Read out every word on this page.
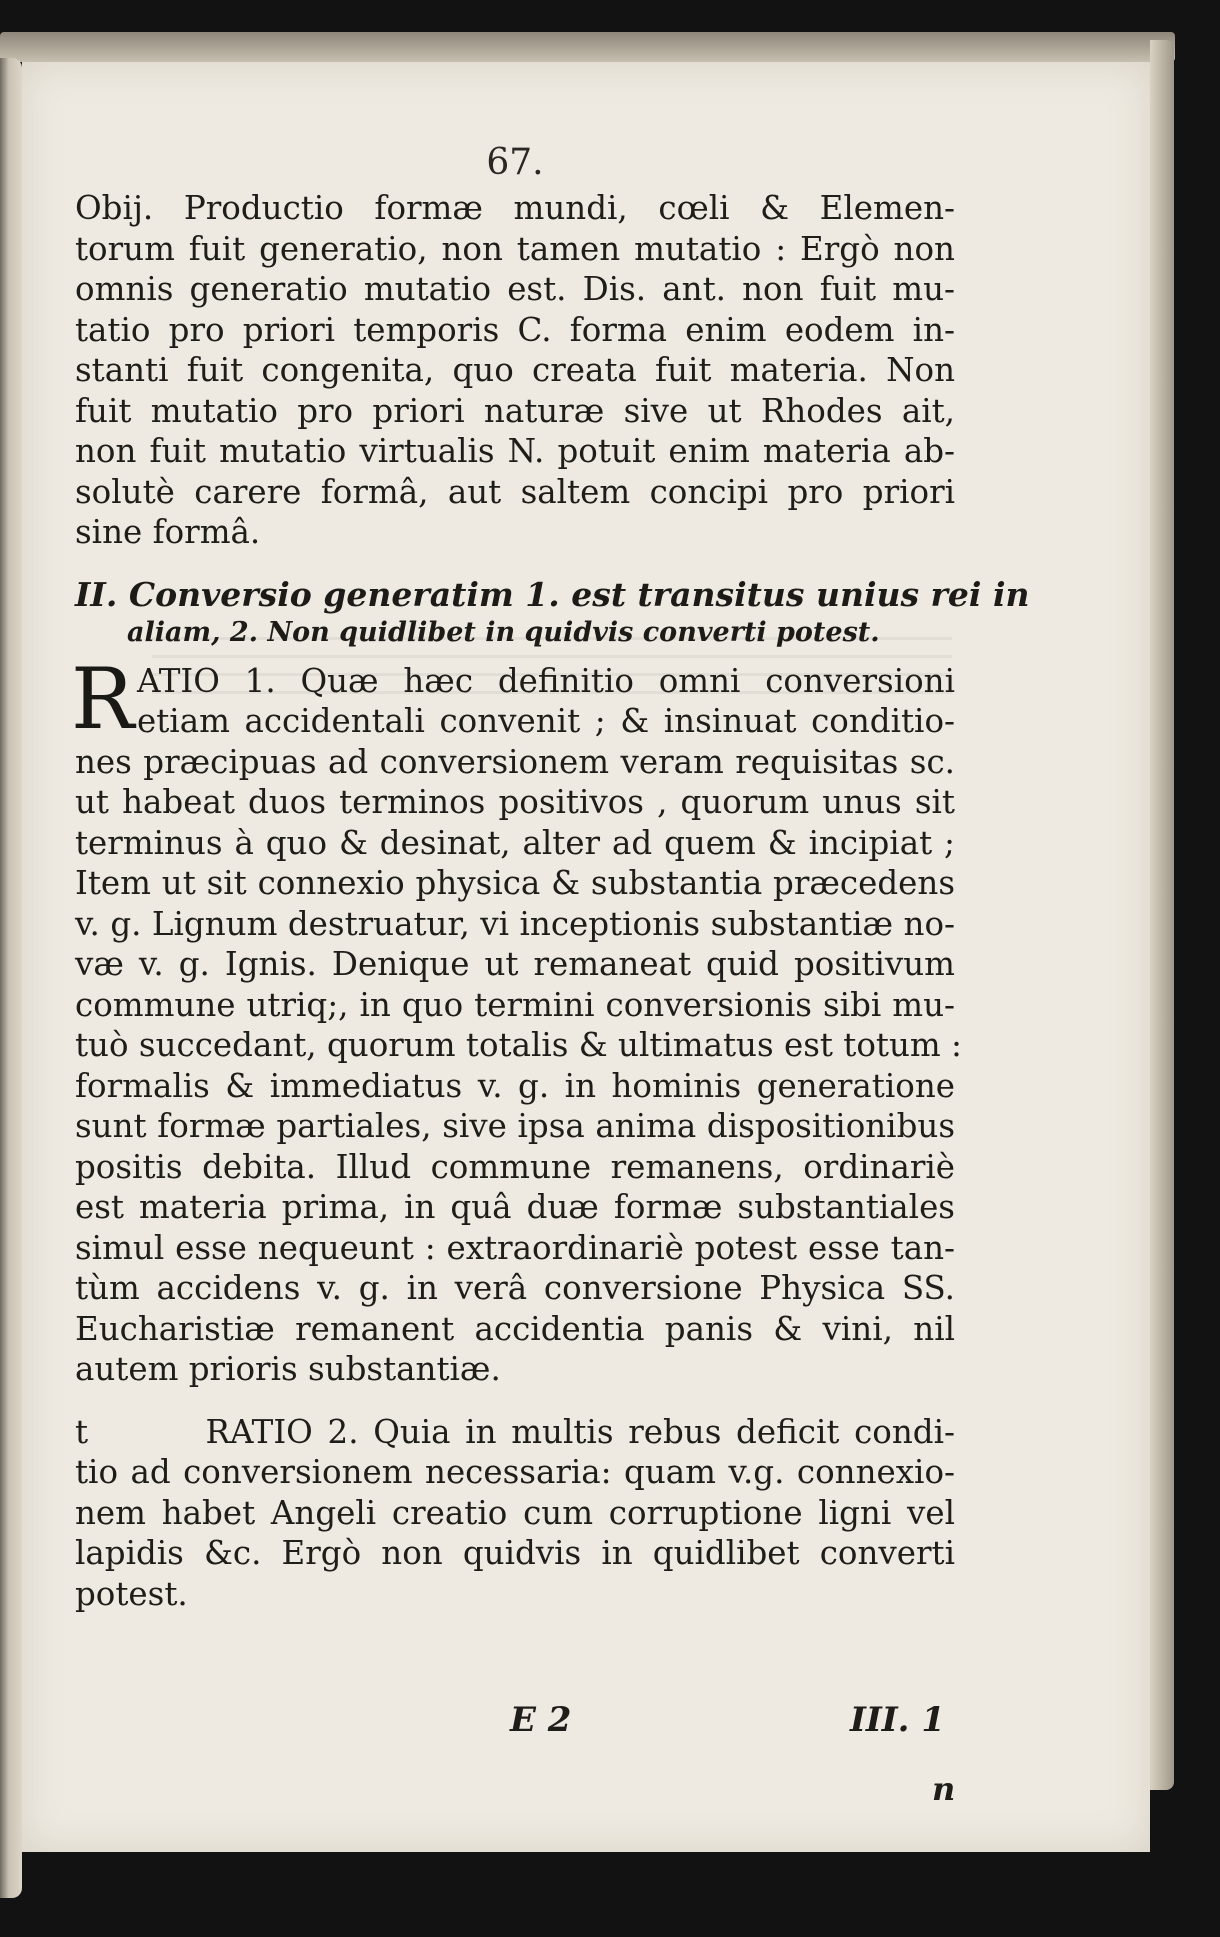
67.
Obij. Productio formæ mundi, cœli & Elemen-
torum fuit generatio, non tamen mutatio : Ergò non
omnis generatio mutatio est. Dis. ant. non fuit mu-
tatio pro priori temporis C. forma enim eodem in-
stanti fuit congenita, quo creata fuit materia. Non
fuit mutatio pro priori naturæ sive ut Rhodes ait,
non fuit mutatio virtualis N. potuit enim materia ab-
solutè carere formâ, aut saltem concipi pro priori
sine formâ.
II. Conversio generatim 1. est transitus unius rei in
aliam, 2. Non quidlibet in quidvis converti potest.
R ATIO 1. Quæ hæc definitio omni conversioni
etiam accidentali convenit ; & insinuat conditio-
nes præcipuas ad conversionem veram requisitas sc.
ut habeat duos terminos positivos , quorum unus sit
terminus à quo & desinat, alter ad quem & incipiat ;
Item ut sit connexio physica & substantia præcedens
v. g. Lignum destruatur, vi inceptionis substantiæ no-
væ v. g. Ignis. Denique ut remaneat quid positivum
commune utriq;, in quo termini conversionis sibi mu-
tuò succedant, quorum totalis & ultimatus est totum :
formalis & immediatus v. g. in hominis generatione
sunt formæ partiales, sive ipsa anima dispositionibus
positis debita. Illud commune remanens, ordinariè
est materia prima, in quâ duæ formæ substantiales
simul esse nequeunt : extraordinariè potest esse tan-
tùm accidens v. g. in verâ conversione Physica SS.
Eucharistiæ remanent accidentia panis & vini, nil
autem prioris substantiæ.
t        RATIO 2. Quia in multis rebus deficit condi-
tio ad conversionem necessaria: quam v.g. connexio-
nem habet Angeli creatio cum corruptione ligni vel
lapidis &c. Ergò non quidvis in quidlibet converti
potest.
E 2	III. 1
n
